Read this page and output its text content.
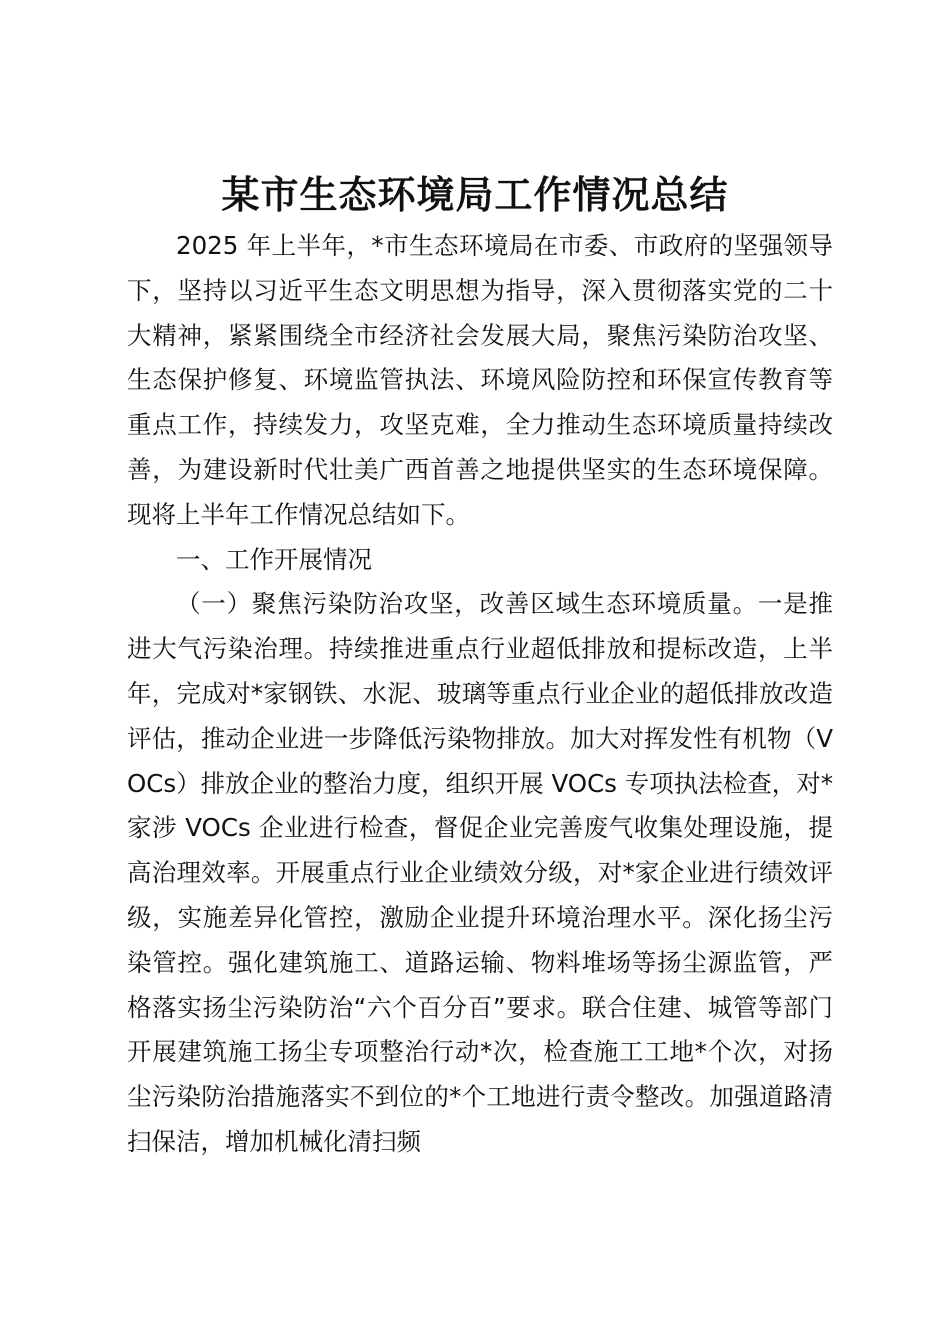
某市生态环境局工作情况总结

2025 年上半年，*市生态环境局在市委、市政府的坚强领导下，坚持以习近平生态文明思想为指导，深入贯彻落实党的二十大精神，紧紧围绕全市经济社会发展大局，聚焦污染防治攻坚、生态保护修复、环境监管执法、环境风险防控和环保宣传教育等重点工作，持续发力，攻坚克难，全力推动生态环境质量持续改善，为建设新时代壮美广西首善之地提供坚实的生态环境保障。现将上半年工作情况总结如下。

一、工作开展情况

（一）聚焦污染防治攻坚，改善区域生态环境质量。一是推进大气污染治理。持续推进重点行业超低排放和提标改造，上半年，完成对*家钢铁、水泥、玻璃等重点行业企业的超低排放改造评估，推动企业进一步降低污染物排放。加大对挥发性有机物（VOCs）排放企业的整治力度，组织开展 VOCs 专项执法检查，对*家涉 VOCs 企业进行检查，督促企业完善废气收集处理设施，提高治理效率。开展重点行业企业绩效分级，对*家企业进行绩效评级，实施差异化管控，激励企业提升环境治理水平。深化扬尘污染管控。强化建筑施工、道路运输、物料堆场等扬尘源监管，严格落实扬尘污染防治“六个百分百”要求。联合住建、城管等部门开展建筑施工扬尘专项整治行动*次，检查施工工地*个次，对扬尘污染防治措施落实不到位的*个工地进行责令整改。加强道路清扫保洁，增加机械化清扫频
